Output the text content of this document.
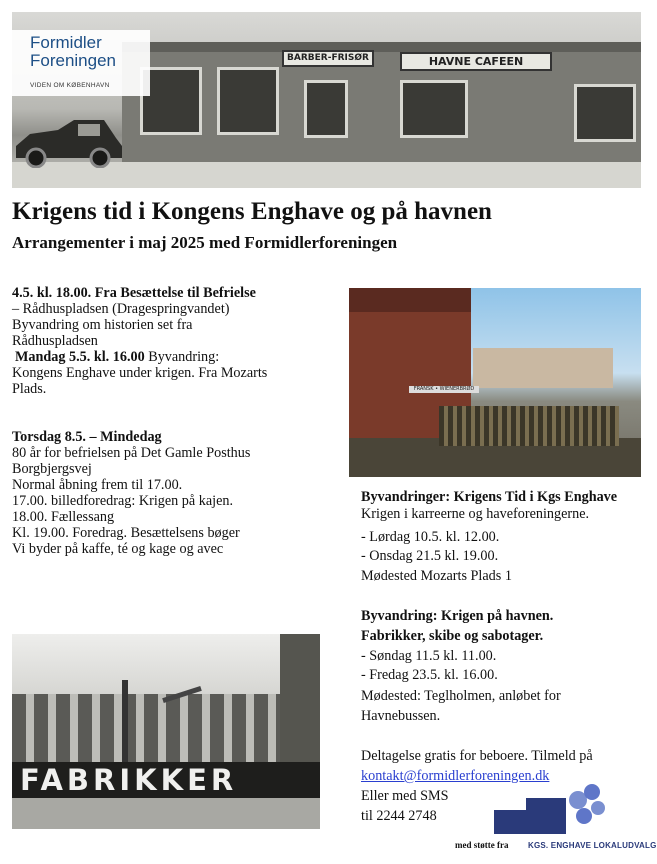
BARBER-FRISØR	HAVNE CAFEEN
Formidler
Foreningen
VIDEN OM KØBENHAVN
Krigens tid i Kongens Enghave og på havnen
Arrangementer i maj 2025 med Formidlerforeningen
4.5. kl. 18.00. Fra Besættelse til Befrielse
– Rådhuspladsen (Dragespringvandet)
Byvandring om historien set fra
Rådhuspladsen
Mandag 5.5. kl. 16.00 Byvandring:
Kongens Enghave under krigen. Fra Mozarts
Plads.
Torsdag 8.5. – Mindedag
80 år for befrielsen på Det Gamle Posthus
Borgbjergsvej
Normal åbning frem til 17.00.
17.00. billedforedrag: Krigen på kajen.
18.00. Fællessang
Kl. 19.00. Foredrag. Besættelsens bøger
Vi byder på kaffe, té og kage og avec
FRANSK • WIENERBRØD
Byvandringer: Krigens Tid i Kgs Enghave
Krigen i karreerne og haveforeningerne.
- Lørdag 10.5. kl. 12.00.
- Onsdag 21.5 kl. 19.00.
Mødested Mozarts Plads 1
Byvandring: Krigen på havnen.
Fabrikker, skibe og sabotager.
- Søndag 11.5 kl. 11.00.
- Fredag 23.5. kl. 16.00.
Mødested: Teglholmen, anløbet for
Havnebussen.
Deltagelse gratis for beboere. Tilmeld på
kontakt@formidlerforeningen.dk
Eller med SMS
til 2244 2748
FABRIKKER
med støtte fra KGS. ENGHAVE LOKALUDVALG
